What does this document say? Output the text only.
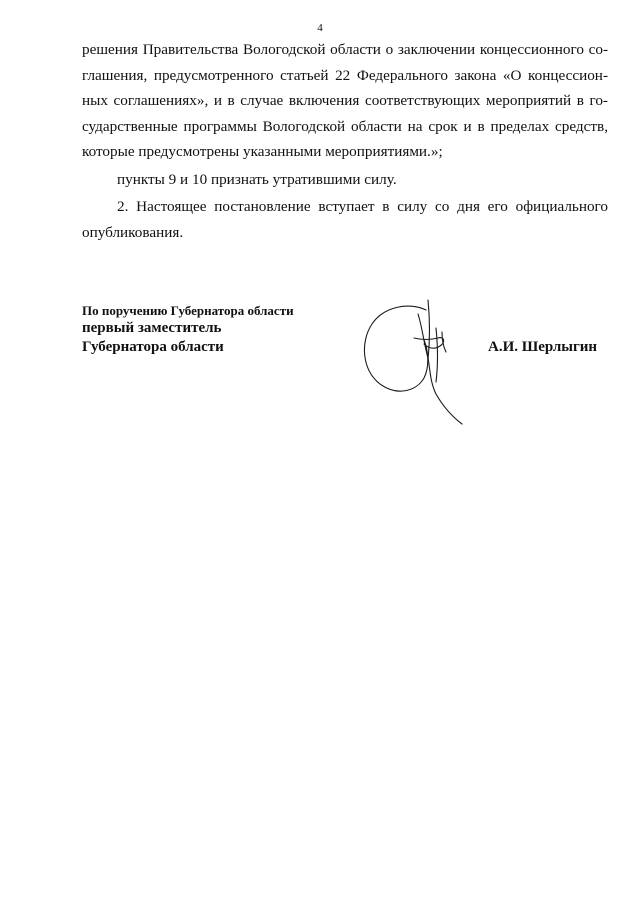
4

решения Правительства Вологодской области о заключении концессионного со-

глашения, предусмотренного статьей 22 Федерального закона «О концессион-

ных соглашениях», и в случае включения соответствующих мероприятий в го-

сударственные программы Вологодской области на срок и в пределах средств,

которые предусмотрены указанными мероприятиями.»;

пункты 9 и 10 признать утратившими силу.

2. Настоящее постановление вступает в силу со дня его официального

опубликования.

По поручению Губернатора области
первый заместитель
Губернатора области	А.И. Шерлыгин
